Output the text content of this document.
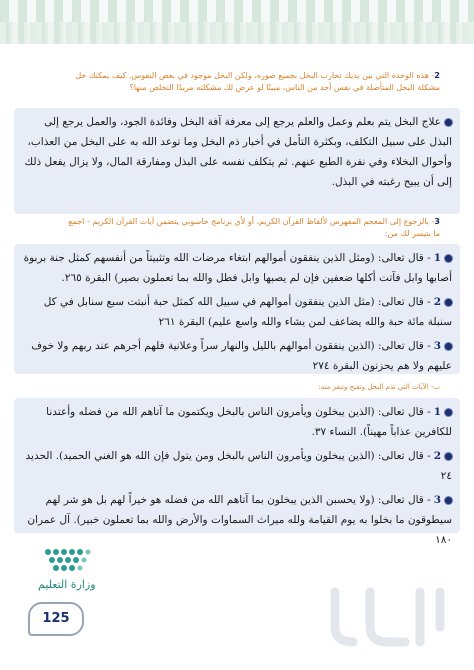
2- هذه الوحدة التي بين يديك تحارب البخل بجميع صوره، ولكن البخل موجود في بعض النفوس. كيف يمكنك حل
مشكلة البخل المتأصلة في نفس أحد من الناس، مبينًا لو عرض لك مشكلته مريدًا التخلص منها؟
علاج البخل يتم بعلم وعمل والعلم يرجع إلى معرفة آفة البخل وفائدة الجود، والعمل يرجع إلى البذل على سبيل التكلف، وبكثرة التأمل في أخبار ذم البخل وما توعد الله به على البخل من العذاب، وأحوال البخلاء وفي نفرة الطبع عنهم. ثم يتكلف نفسه على البذل ومفارقة المال، ولا يزال يفعل ذلك إلى أن يبيح رغبته في البذل.
3- بالرجوع إلى المعجم المفهرس لألفاظ القرآن الكريم، أو لأي برنامج حاسوبي يتضمن آيات القرآن الكريم - اجمع
ما يتيسر لك من:
1- قال تعالى: (ومثل الذين ينفقون أموالهم ابتغاء مرضات الله وتثبيتاً من أنفسهم كمثل جنة بربوة أصابها وابل فآتت أكلها ضعفين فإن لم يصبها وابل فطل والله بما تعملون بصير) البقرة ٢٦٥.
2- قال تعالى: (مثل الذين ينفقون أموالهم في سبيل الله كمثل حبة أنبتت سبع سنابل في كل سنبلة مائة حبة والله يضاعف لمن يشاء والله واسع عليم) البقرة ٢٦١
3- قال تعالى: (الذين ينفقون أموالهم بالليل والنهار سراً وعلانية فلهم أجرهم عند ربهم ولا خوف عليهم ولا هم يحزنون البقرة ٢٧٤
ب- الآيات التي تذم البخل وتقبح وتنفر منه:
1- قال تعالى: (الذين يبخلون ويأمرون الناس بالبخل ويكتمون ما آتاهم الله من فضله وأعتدنا للكافرين عذاباً مهيناً). النساء ٣٧.
2- قال تعالى: (الذين يبخلون ويأمرون الناس بالبخل ومن يتول فإن الله هو الغني الحميد). الحديد ٢٤
3- قال تعالى: (ولا يحسبن الذين يبخلون بما آتاهم الله من فضله هو خيراً لهم بل هو شر لهم سيطوقون ما بخلوا به يوم القيامة ولله ميراث السماوات والأرض والله بما تعملون خبير). آل عمران ١٨٠
وزارة التعليم
125
